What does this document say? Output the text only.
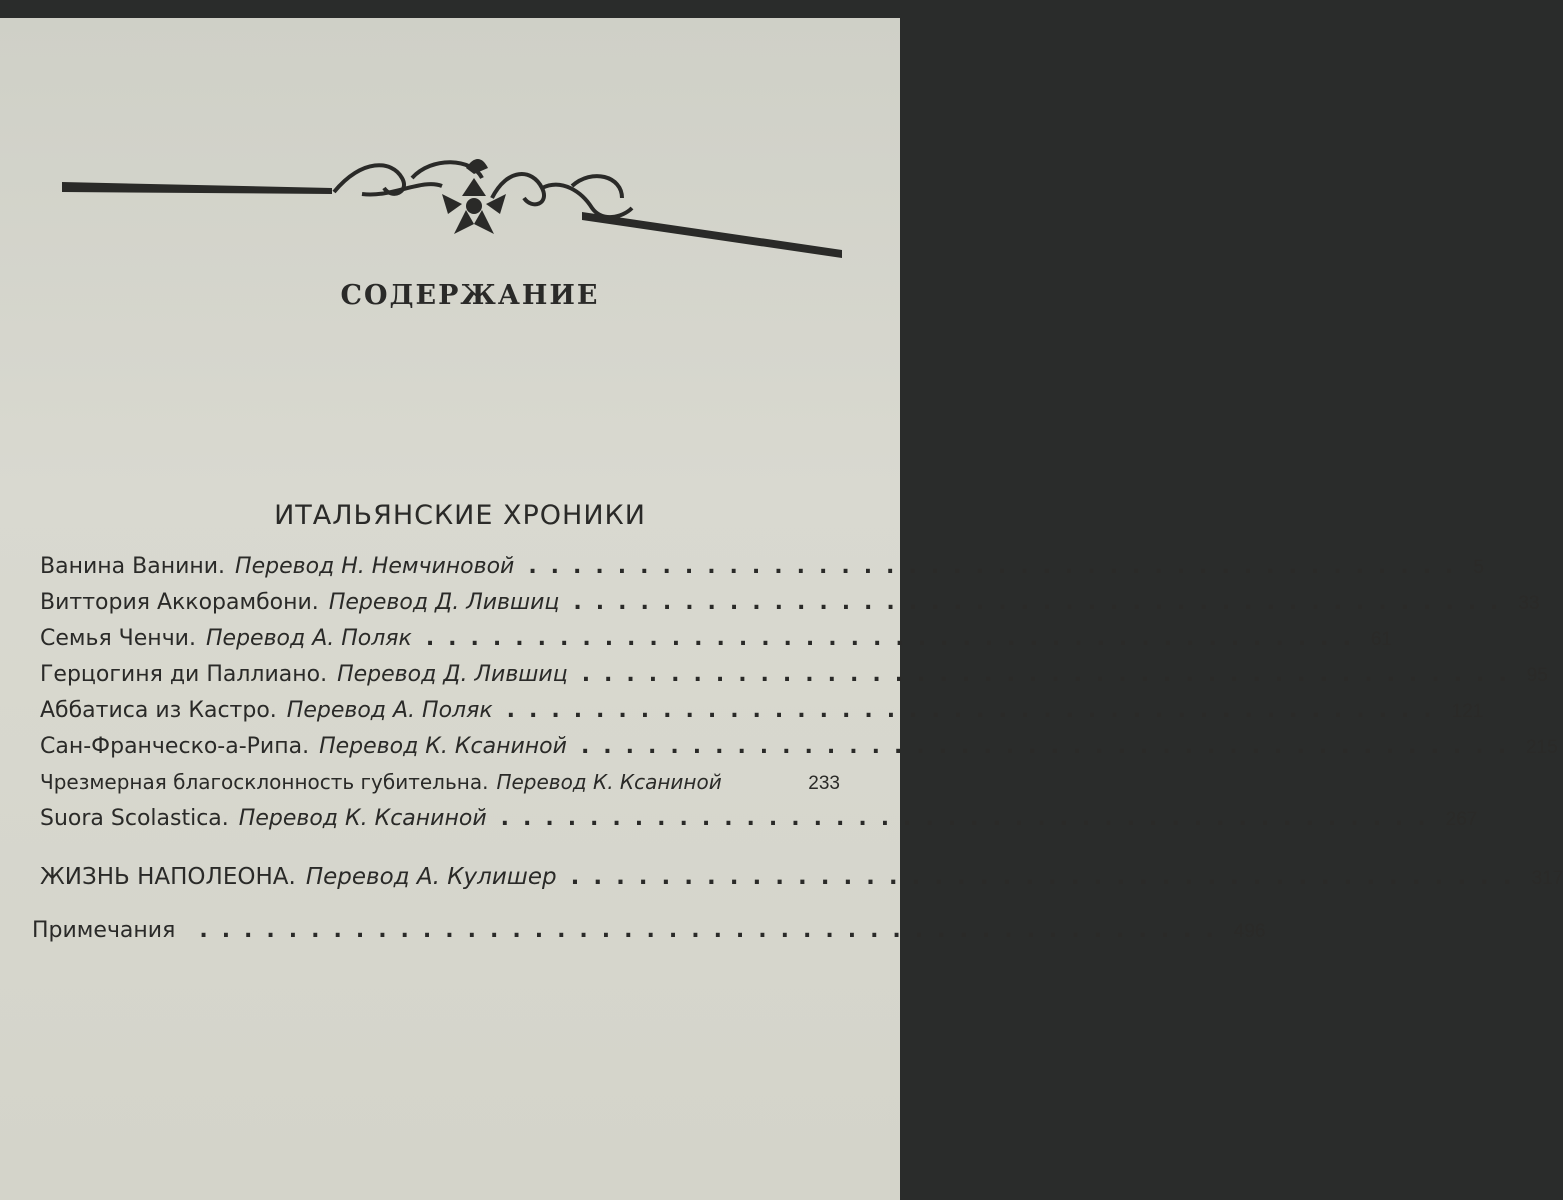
СОДЕРЖАНИЕ
ИТАЛЬЯНСКИЕ ХРОНИКИ
Ванина Ванини. Перевод Н. Немчиновой .......................................... 5
Виттория Аккорамбони. Перевод Д. Лившиц .......................................... 33
Семья Ченчи. Перевод А. Поляк .......................................... 61
Герцогиня ди Паллиано. Перевод Д. Лившиц .......................................... 95
Аббатиса из Кастро. Перевод А. Поляк .......................................... 121
Сан-Франческо-а-Рипа. Перевод К. Ксаниной .......................................... 215
Чрезмерная благосклонность губительна. Перевод К. Ксаниной	233
Suora Scolastica. Перевод К. Ксаниной .......................................... 267
ЖИЗНЬ НАПОЛЕОНА. Перевод А. Кулишер .......................................... 317
Примечания .............................................. 496
